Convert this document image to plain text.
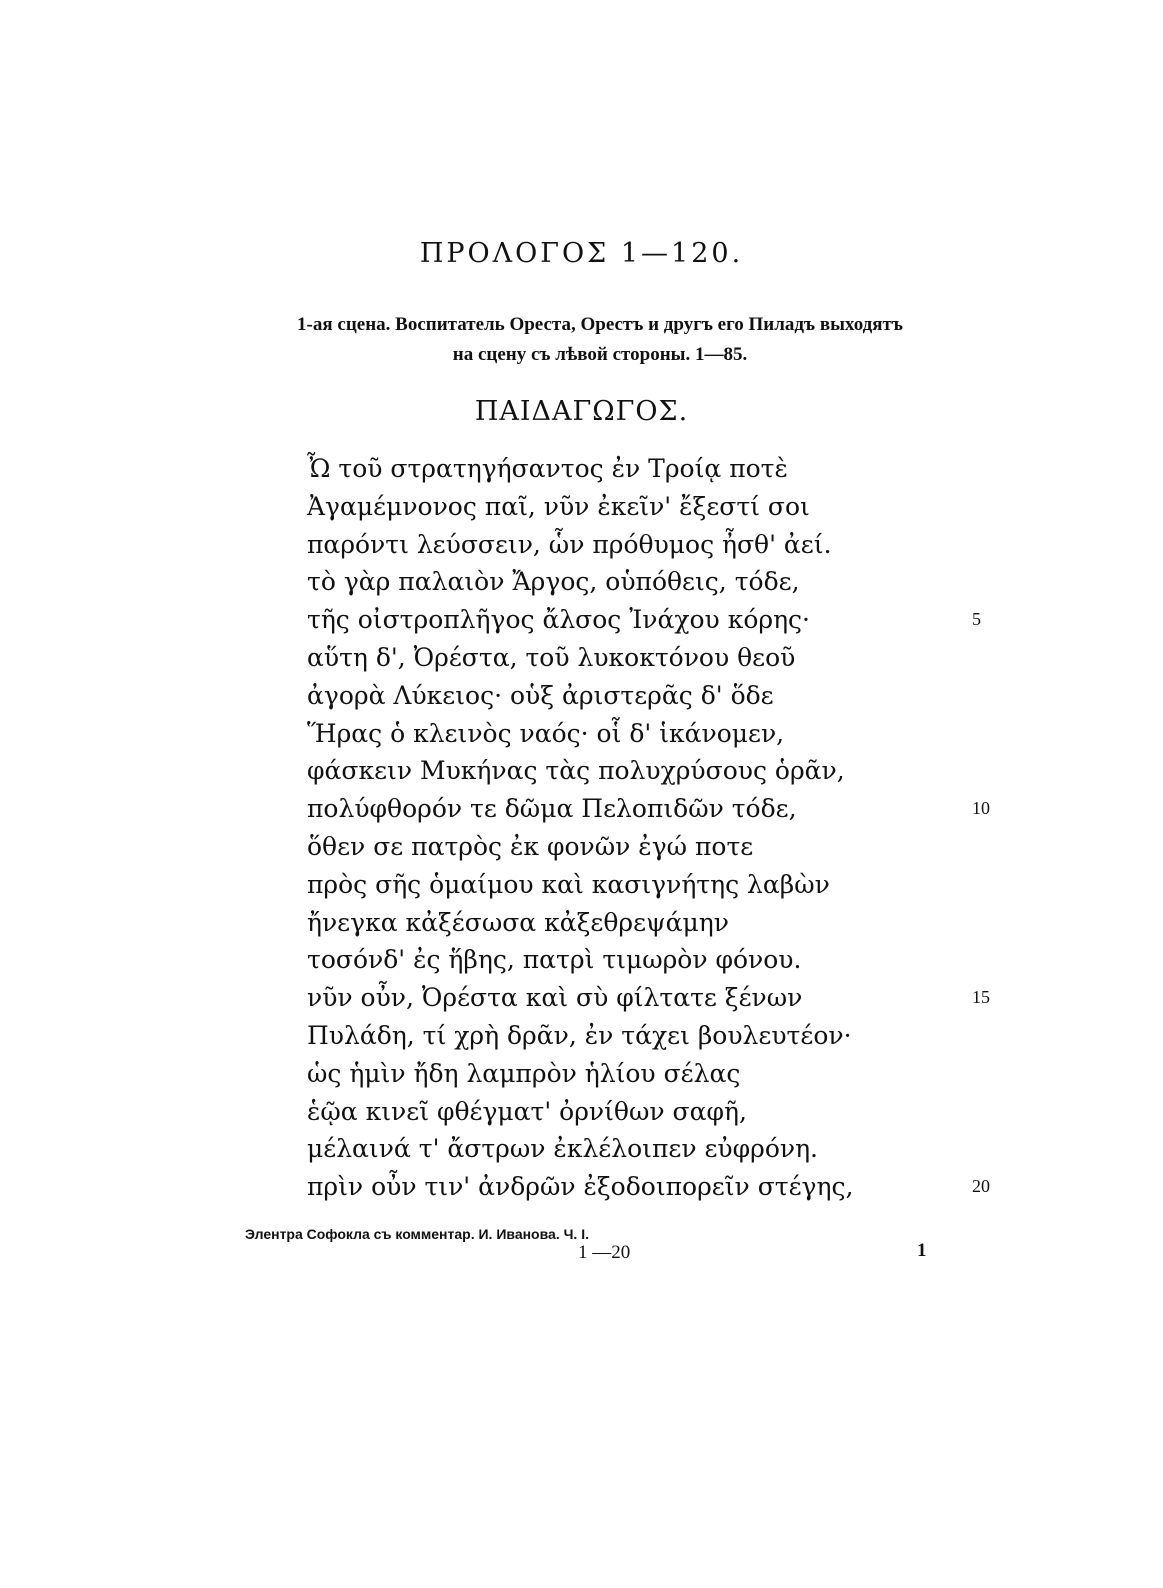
ΠΡΟΛΟΓΟΣ 1—120.
1-ая сцена. Воспитатель Ореста, Орестъ и другъ его Пиладъ выходятъ
на сцену съ лѣвой стороны. 1—85.
ΠΑΙΔΑΓΩΓΟΣ.
Ὦ τοῦ στρατηγήσαντος ἐν Τροίᾳ ποτὲ
Ἀγαμέμνονος παῖ, νῦν ἐκεῖν' ἔξεστί σοι
παρόντι λεύσσειν, ὧν πρόθυμος ἦσθ' ἀεί.
τὸ γὰρ παλαιὸν Ἄργος, οὑπόθεις, τόδε,
τῆς οἰστροπλῆγος ἄλσος Ἰνάχου κόρης·	5
αὕτη δ', Ὀρέστα, τοῦ λυκοκτόνου θεοῦ
ἀγορὰ Λύκειος· οὑξ ἀριστερᾶς δ' ὅδε
Ἥρας ὁ κλεινὸς ναός· οἷ δ' ἱκάνομεν,
φάσκειν Μυκήνας τὰς πολυχρύσους ὁρᾶν,
πολύφθορόν τε δῶμα Πελοπιδῶν τόδε,	10
ὅθεν σε πατρὸς ἐκ φονῶν ἐγώ ποτε
πρὸς σῆς ὁμαίμου καὶ κασιγνήτης λαβὼν
ἤνεγκα κἀξέσωσα κἀξεθρεψάμην
τοσόνδ' ἐς ἥβης, πατρὶ τιμωρὸν φόνου.
νῦν οὖν, Ὀρέστα καὶ σὺ φίλτατε ξένων	15
Πυλάδη, τί χρὴ δρᾶν, ἐν τάχει βουλευτέον·
ὡς ἡμὶν ἤδη λαμπρὸν ἡλίου σέλας
ἑῷα κινεῖ φθέγματ' ὀρνίθων σαφῆ,
μέλαινά τ' ἄστρων ἐκλέλοιπεν εὐφρόνη.
πρὶν οὖν τιν' ἀνδρῶν ἐξοδοιπορεῖν στέγης,	20
Элентра Софокла съ комментар. И. Иванова. Ч. I.
1 —20	1
